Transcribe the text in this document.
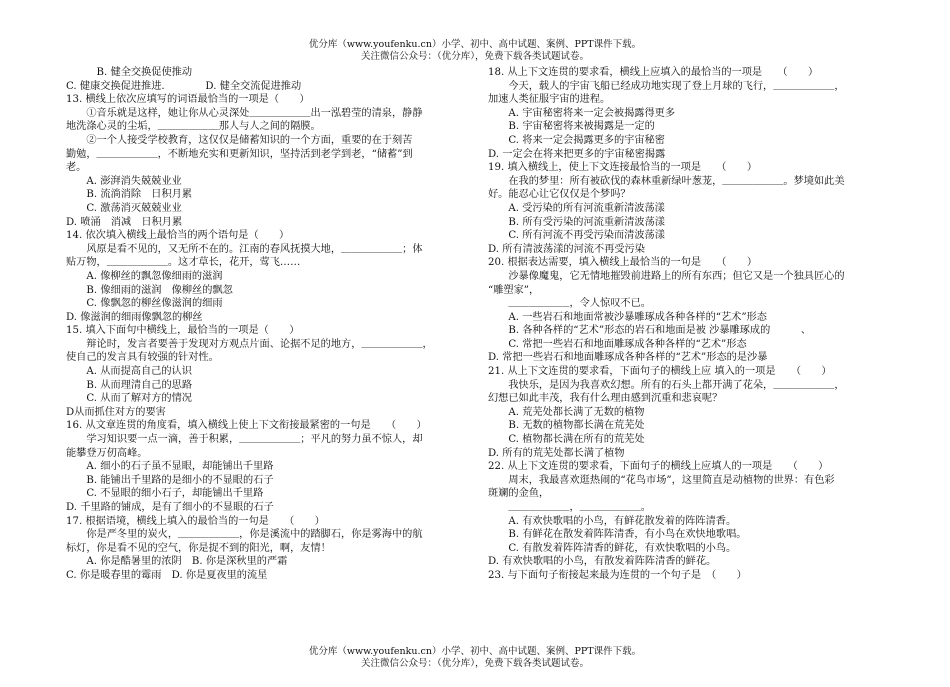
优分库（www.youfenku.cn）小学、初中、高中试题、案例、PPT课件下载。
关注微信公众号：（优分库），免费下载各类试题试卷。
　　　B. 健全交换促使推动
C. 健康交换促进推进.　　　　D. 健全交流促进推动
13. 横线上依次应填写的词语最恰当的一项是（　　）
　　①音乐就是这样，她让你从心灵深处＿＿＿＿＿＿出一泓碧莹的清泉，静静
地洗涤心灵的尘垢，＿＿＿＿＿＿那人与人之间的隔膜。
　　②一个人接受学校教育，这仅仅是储蓄知识的一个方面，重要的在于刻苦
勤勉，＿＿＿＿＿＿，不断地充实和更新知识，坚持活到老学到老，“储蓄”到
老。
　　A. 澎湃消失兢兢业业
　　B. 流淌消除　日积月累
　　C. 激荡消灭兢兢业业
D. 喷涌　消减　日积月累
14. 依次填入横线上最恰当的两个语句是（　　）
　　风原是看不见的，又无所不在的。江南的春风抚摸大地，＿＿＿＿＿＿；体
贴万物，＿＿＿＿＿＿。这才草长，花开，莺飞……
　　A. 像柳丝的飘忽像细雨的滋润
　　B. 像细雨的滋润　像柳丝的飘忽
　　C. 像飘忽的柳丝像滋润的细雨
D. 像滋润的细雨像飘忽的柳丝
15. 填入下面句中横线上，最恰当的一项是（　　）
　　辩论时，发言者要善于发现对方观点片面、论据不足的地方，＿＿＿＿＿＿，
使自己的发言具有较强的针对性。
　　A. 从而提高自己的认识
　　B. 从而理清自己的思路
　　C. 从而了解对方的情况
D从而抓住对方的要害
16. 从文章连贯的角度看，填入横线上使上下文衔接最紧密的一句是　　（　　）
　　学习知识要一点一滴，善于积累，＿＿＿＿＿＿；平凡的努力虽不惊人，却
能攀登万仞高峰。
　　A. 细小的石子虽不显眼，却能铺出千里路
　　B. 能铺出千里路的是细小的不显眼的石子
　　C. 不显眼的细小石子，却能铺出千里路
D. 千里路的铺成，是有了细小的不显眼的石子
17. 根据语境，横线上填入的最恰当的一句是　　（　　）
　　你是严冬里的炭火，＿＿＿＿＿＿，你是溪流中的踏脚石，你是雾海中的航
标灯，你是看不见的空气，你是捉不到的阳光，啊，友情！
　　A. 你是酷暑里的浓阴　B. 你是深秋里的严霜
C. 你是暖春里的霉雨　D. 你是夏夜里的流星
18. 从上下文连贯的要求看，横线上应填入的最恰当的一项是　　（　　）
　　今天，载人的宇宙飞船已经成功地实现了登上月球的飞行，＿＿＿＿＿＿，
加速人类征服宇宙的进程。
　　A. 宇宙秘密将来一定会被揭露得更多
　　B. 宇宙秘密将来被揭露是一定的
　　C. 将来一定会揭露更多的宇宙秘密
D. 一定会在将来把更多的宇宙秘密揭露
19. 填入横线上，使上下文连接最恰当的一项是　　（　　）
　　在我的梦里：所有被砍伐的森林重新绿叶葱茏，＿＿＿＿＿＿。梦境如此美
好。能忍心让它仅仅是个梦吗？
　　A. 受污染的所有河流重新清波荡漾
　　B. 所有受污染的河流重新清波荡漾
　　C. 所有河流不再受污染而清波荡漾
D. 所有清波荡漾的河流不再受污染
20. 根据表达需要，填入横线上最恰当的一句是　　（　　）
　　沙暴像魔鬼，它无情地摧毁前进路上的所有东西；但它又是一个独具匠心的
“雕塑家”，
　　＿＿＿＿＿＿，令人惊叹不已。
　　A. 一些岩石和地面常被沙暴雕琢成各种各样的“艺术”形态
　　B. 各种各样的“艺术”形态的岩石和地面是被 沙暴雕琢成的　　　、
　　C. 常把一些岩石和地面雕琢成各种各样的“艺术”形态
D. 常把一些岩石和地面雕琢成各种各样的“艺术”形态的是沙暴
21. 从上下文连贯的要求看，下面句子的横线上应 填入的一项是　　（　　）
　　我快乐，是因为我喜欢幻想。所有的石头上都开满了花朵，＿＿＿＿＿＿，
幻想已如此丰茂，我有什么理由感到沉重和悲哀呢？
　　A. 荒芜处都长满了无数的植物
　　B. 无数的植物都长满在荒芜处
　　C. 植物都长满在所有的荒芜处
D. 所有的荒芜处都长满了植物
22. 从上下文连贯的要求看，下面句子的横线上应填人的一项是　　（　　）
　　周末，我最喜欢逛热闹的“花鸟市场”，这里简直是动植物的世界：有色彩
斑斓的金鱼，
　　＿＿＿＿＿＿，＿＿＿＿＿＿。
　　A. 有欢快歌唱的小鸟，有鲜花散发着的阵阵清香。
　　B. 有鲜花在散发着阵阵清香，有小鸟在欢快地歌唱。
　　C. 有散发着阵阵清香的鲜花，有欢快歌唱的小鸟。
D. 有欢快歌唱的小鸟，有散发着阵阵清香的鲜花。
23. 与下面句子衔接起来最为连贯的一个句子是　（　　）
优分库（www.youfenku.cn）小学、初中、高中试题、案例、PPT课件下载。
关注微信公众号：（优分库），免费下载各类试题试卷。
